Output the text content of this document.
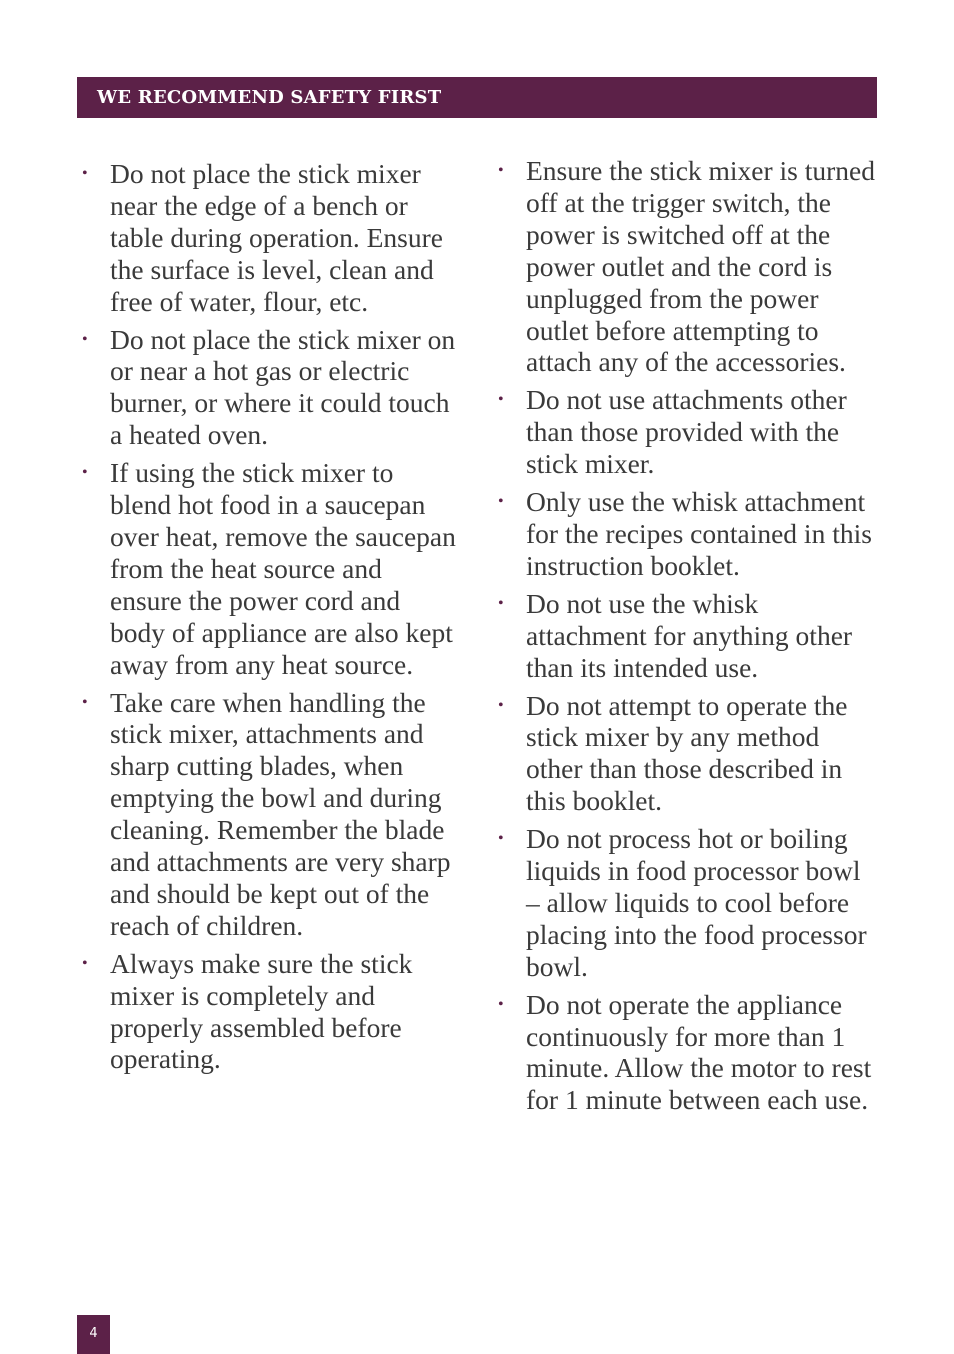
WE RECOMMEND SAFETY FIRST
• Do not place the stick mixer near the edge of a bench or table during operation. Ensure the surface is level, clean and free of water, flour, etc.
• Do not place the stick mixer on or near a hot gas or electric burner, or where it could touch a heated oven.
• If using the stick mixer to blend hot food in a saucepan over heat, remove the saucepan from the heat source and ensure the power cord and body of appliance are also kept away from any heat source.
• Take care when handling the stick mixer, attachments and sharp cutting blades, when emptying the bowl and during cleaning. Remember the blade and attachments are very sharp and should be kept out of the reach of children.
• Always make sure the stick mixer is completely and properly assembled before operating.
• Ensure the stick mixer is turned off at the trigger switch, the power is switched off at the power outlet and the cord is unplugged from the power outlet before attempting to attach any of the accessories.
• Do not use attachments other than those provided with the stick mixer.
• Only use the whisk attachment for the recipes contained in this instruction booklet.
• Do not use the whisk attachment for anything other than its intended use.
• Do not attempt to operate the stick mixer by any method other than those described in this booklet.
• Do not process hot or boiling liquids in food processor bowl – allow liquids to cool before placing into the food processor bowl.
• Do not operate the appliance continuously for more than 1 minute. Allow the motor to rest for 1 minute between each use.
4
